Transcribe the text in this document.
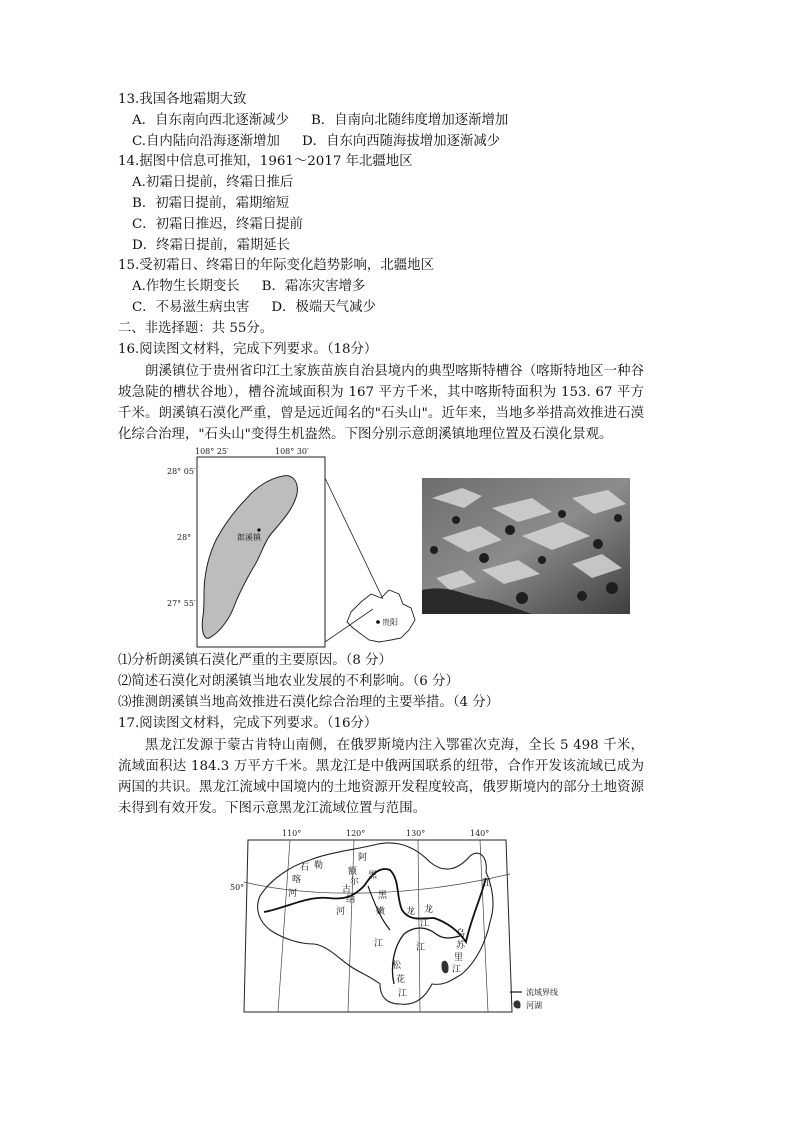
13.我国各地霜期大致
A．自东南向西北逐渐减少 B．自南向北随纬度增加逐渐增加
C.自内陆向沿海逐渐增加 D．自东向西随海拔增加逐渐减少
14.据图中信息可推知，1961～2017 年北疆地区
A.初霜日提前，终霜日推后
B．初霜日提前，霜期缩短
C．初霜日推迟，终霜日提前
D．终霜日提前，霜期延长
15.受初霜日、终霜日的年际变化趋势影响，北疆地区
A.作物生长期变长 B．霜冻灾害增多
C．不易滋生病虫害 D．极端天气减少
二、非选择题：共 55分。
16.阅读图文材料，完成下列要求。（18分）
朗溪镇位于贵州省印江土家族苗族自治县境内的典型喀斯特槽谷（喀斯特地区一种谷坡急陡的槽状谷地），槽谷流域面积为 167 平方千米，其中喀斯特面积为 153. 67 平方千米。朗溪镇石漠化严重，曾是远近闻名的"石头山"。近年来，当地多举措高效推进石漠化综合治理，"石头山"变得生机盎然。下图分别示意朗溪镇地理位置及石漠化景观。
108° 25′	108° 30′
28° 05′
28°
27° 55′
郎溪镇
贵阳
⑴分析朗溪镇石漠化严重的主要原因。（8 分）
⑵简述石漠化对朗溪镇当地农业发展的不利影响。（6 分）
⑶推测朗溪镇当地高效推进石漠化综合治理的主要举措。（4 分）
17.阅读图文材料，完成下列要求。（16分）
黑龙江发源于蒙古肯特山南侧，在俄罗斯境内注入鄂霍次克海，全长 5 498 千米，流域面积达 184.3 万平方千米。黑龙江是中俄两国联系的纽带，合作开发该流域已成为两国的共识。黑龙江流域中国境内的土地资源开发程度较高，俄罗斯境内的部分土地资源未得到有效开发。下图示意黑龙江流域位置与范围。
110°	120°	130°	140°
50°
石 勒
喀
河
阿
额
尔
古
纳
河
黑
龙
江
嫩
江
松
花
江
龙
江
乌
苏
里
江
江
黑
流域界线
河湖
